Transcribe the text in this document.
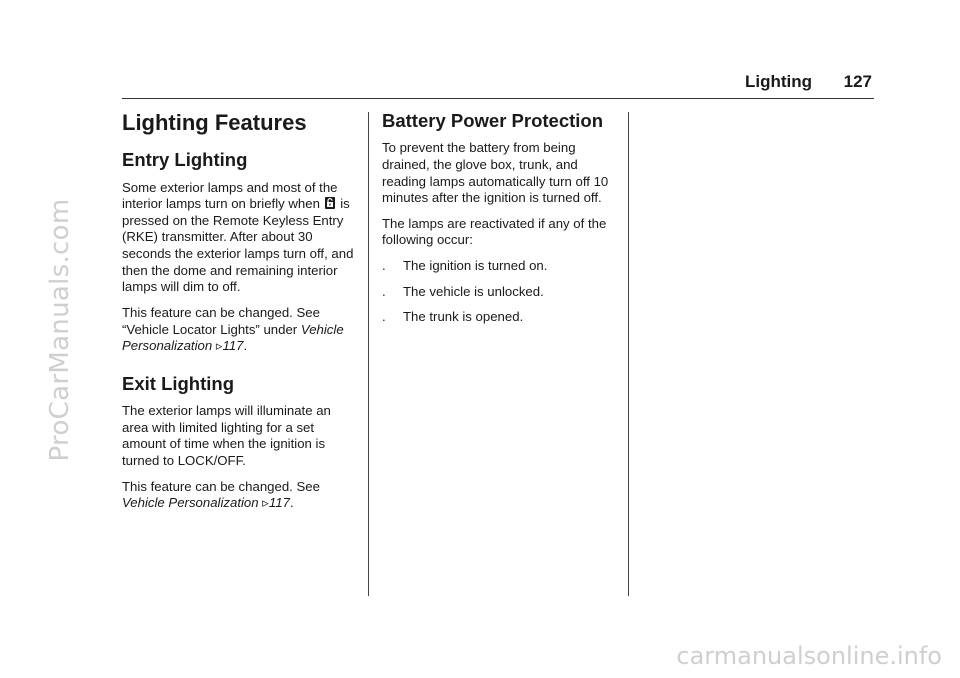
ProCarManuals.com
carmanualsonline.info
Lighting 127
Lighting Features
Entry Lighting

Some exterior lamps and most of the interior lamps turn on briefly when is pressed on the Remote Keyless Entry (RKE) transmitter. After about 30 seconds the exterior lamps turn off, and then the dome and remaining interior lamps will dim to off.

This feature can be changed. See “Vehicle Locator Lights” under Vehicle Personalization ▹117.

Exit Lighting

The exterior lamps will illuminate an area with limited lighting for a set amount of time when the ignition is turned to LOCK/OFF.

This feature can be changed. See Vehicle Personalization ▹117.

Battery Power Protection

To prevent the battery from being drained, the glove box, trunk, and reading lamps automatically turn off 10 minutes after the ignition is turned off.

The lamps are reactivated if any of the following occur:

. The ignition is turned on.
. The vehicle is unlocked.
. The trunk is opened.
